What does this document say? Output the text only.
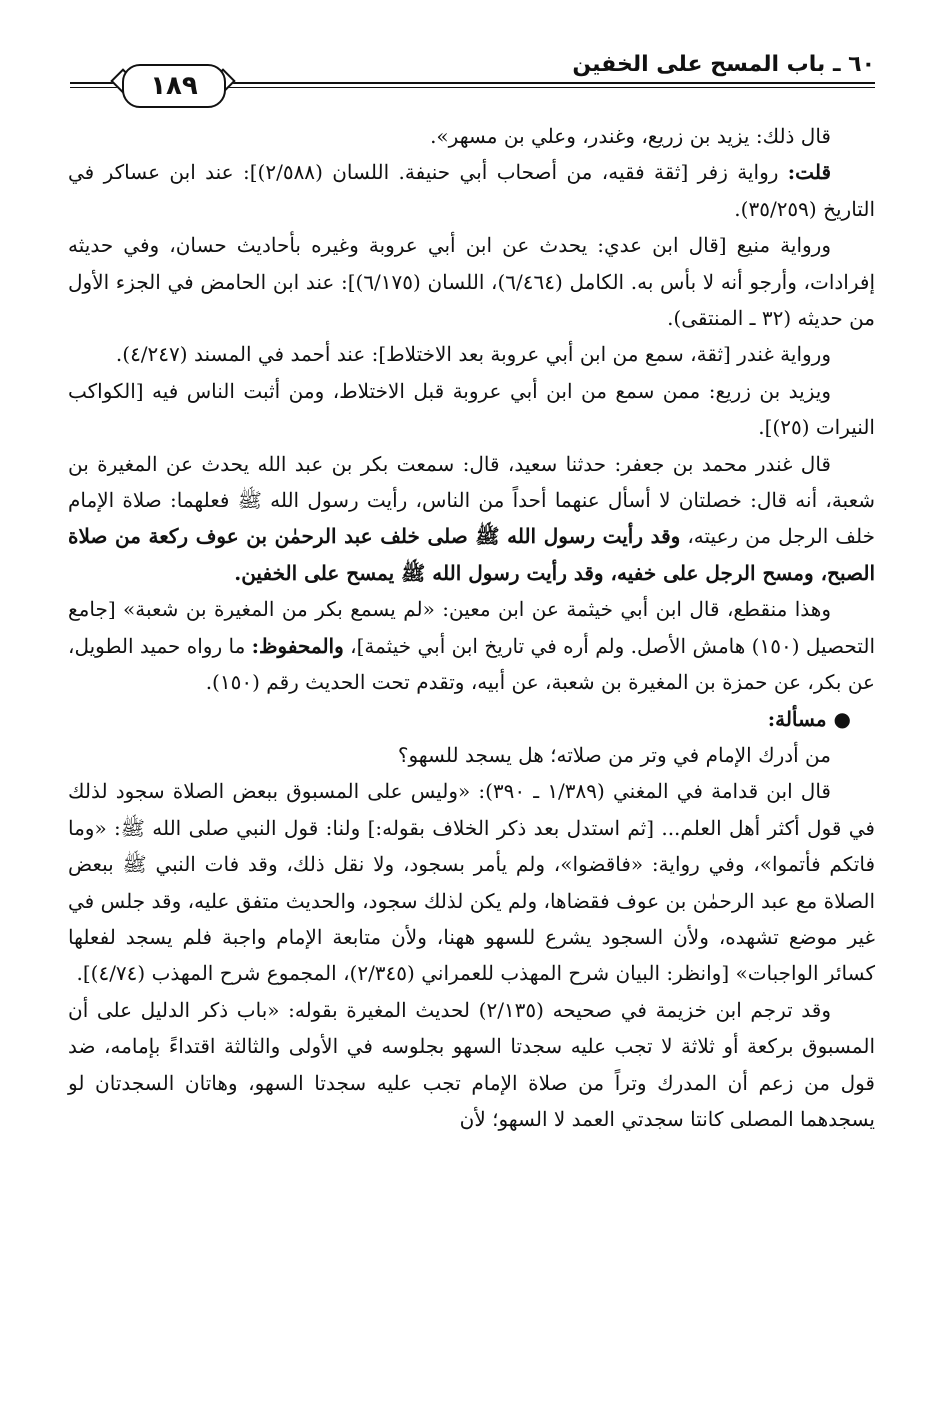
٦٠ ـ باب المسح على الخفين
١٨٩

قال ذلك: يزيد بن زريع، وغندر، وعلي بن مسهر».

قلت: رواية زفر [ثقة فقيه، من أصحاب أبي حنيفة. اللسان (٢/٥٨٨)]: عند ابن عساكر في التاريخ (٣٥/٢٥٩).

ورواية منيع [قال ابن عدي: يحدث عن ابن أبي عروبة وغيره بأحاديث حسان، وفي حديثه إفرادات، وأرجو أنه لا بأس به. الكامل (٦/٤٦٤)، اللسان (٦/١٧٥)]: عند ابن الحامض في الجزء الأول من حديثه (٣٢ ـ المنتقى).

ورواية غندر [ثقة، سمع من ابن أبي عروبة بعد الاختلاط]: عند أحمد في المسند (٤/٢٤٧).

ويزيد بن زريع: ممن سمع من ابن أبي عروبة قبل الاختلاط، ومن أثبت الناس فيه [الكواكب النيرات (٢٥)].

قال غندر محمد بن جعفر: حدثنا سعيد، قال: سمعت بكر بن عبد الله يحدث عن المغيرة بن شعبة، أنه قال: خصلتان لا أسأل عنهما أحداً من الناس، رأيت رسول الله ﷺ فعلهما: صلاة الإمام خلف الرجل من رعيته، وقد رأيت رسول الله ﷺ صلى خلف عبد الرحمٰن بن عوف ركعة من صلاة الصبح، ومسح الرجل على خفيه، وقد رأيت رسول الله ﷺ يمسح على الخفين.

وهذا منقطع، قال ابن أبي خيثمة عن ابن معين: «لم يسمع بكر من المغيرة بن شعبة» [جامع التحصيل (١٥٠) هامش الأصل. ولم أره في تاريخ ابن أبي خيثمة]، والمحفوظ: ما رواه حميد الطويل، عن بكر، عن حمزة بن المغيرة بن شعبة، عن أبيه، وتقدم تحت الحديث رقم (١٥٠).

● مسألة:

من أدرك الإمام في وتر من صلاته؛ هل يسجد للسهو؟

قال ابن قدامة في المغني (١/٣٨٩ ـ ٣٩٠): «وليس على المسبوق ببعض الصلاة سجود لذلك في قول أكثر أهل العلم... [ثم استدل بعد ذكر الخلاف بقوله:] ولنا: قول النبي صلى الله ﷺ: «وما فاتكم فأتموا»، وفي رواية: «فاقضوا»، ولم يأمر بسجود، ولا نقل ذلك، وقد فات النبي ﷺ ببعض الصلاة مع عبد الرحمٰن بن عوف فقضاها، ولم يكن لذلك سجود، والحديث متفق عليه، وقد جلس في غير موضع تشهده، ولأن السجود يشرع للسهو ههنا، ولأن متابعة الإمام واجبة فلم يسجد لفعلها كسائر الواجبات» [وانظر: البيان شرح المهذب للعمراني (٢/٣٤٥)، المجموع شرح المهذب (٤/٧٤)].

وقد ترجم ابن خزيمة في صحيحه (٢/١٣٥) لحديث المغيرة بقوله: «باب ذكر الدليل على أن المسبوق بركعة أو ثلاثة لا تجب عليه سجدتا السهو بجلوسه في الأولى والثالثة اقتداءً بإمامه، ضد قول من زعم أن المدرك وتراً من صلاة الإمام تجب عليه سجدتا السهو، وهاتان السجدتان لو يسجدهما المصلى كانتا سجدتي العمد لا السهو؛ لأن
